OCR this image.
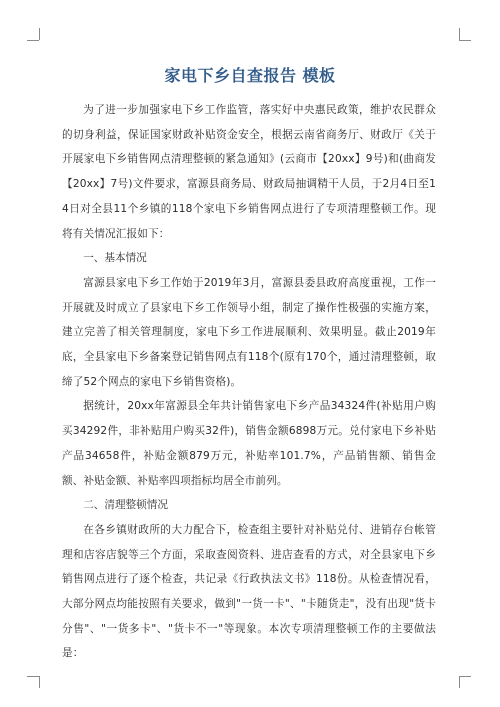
家电下乡自查报告 模板

为了进一步加强家电下乡工作监管，落实好中央惠民政策，维护农民群众的切身利益，保证国家财政补贴资金安全，根据云南省商务厅、财政厅《关于开展家电下乡销售网点清理整顿的紧急通知》(云商市【20xx】9号)和(曲商发【20xx】7号)文件要求，富源县商务局、财政局抽调精干人员，于2月4日至14日对全县11个乡镇的118个家电下乡销售网点进行了专项清理整顿工作。现将有关情况汇报如下：

一、基本情况

富源县家电下乡工作始于2019年3月，富源县委县政府高度重视，工作一开展就及时成立了县家电下乡工作领导小组，制定了操作性极强的实施方案，建立完善了相关管理制度，家电下乡工作进展顺利、效果明显。截止2019年底，全县家电下乡备案登记销售网点有118个(原有170个，通过清理整顿，取缔了52个网点的家电下乡销售资格)。

据统计，20xx年富源县全年共计销售家电下乡产品34324件(补贴用户购买34292件，非补贴用户购买32件)，销售金额6898万元。兑付家电下乡补贴产品34658件，补贴金额879万元，补贴率101.7%，产品销售额、销售金额、补贴金额、补贴率四项指标均居全市前列。

二、清理整顿情况

在各乡镇财政所的大力配合下，检查组主要针对补贴兑付、进销存台帐管理和店容店貌等三个方面，采取查阅资料、进店查看的方式，对全县家电下乡销售网点进行了逐个检查，共记录《行政执法文书》118份。从检查情况看，大部分网点均能按照有关要求，做到"一货一卡"、"卡随货走"，没有出现"货卡分售"、"一货多卡"、"货卡不一"等现象。本次专项清理整顿工作的主要做法是：
